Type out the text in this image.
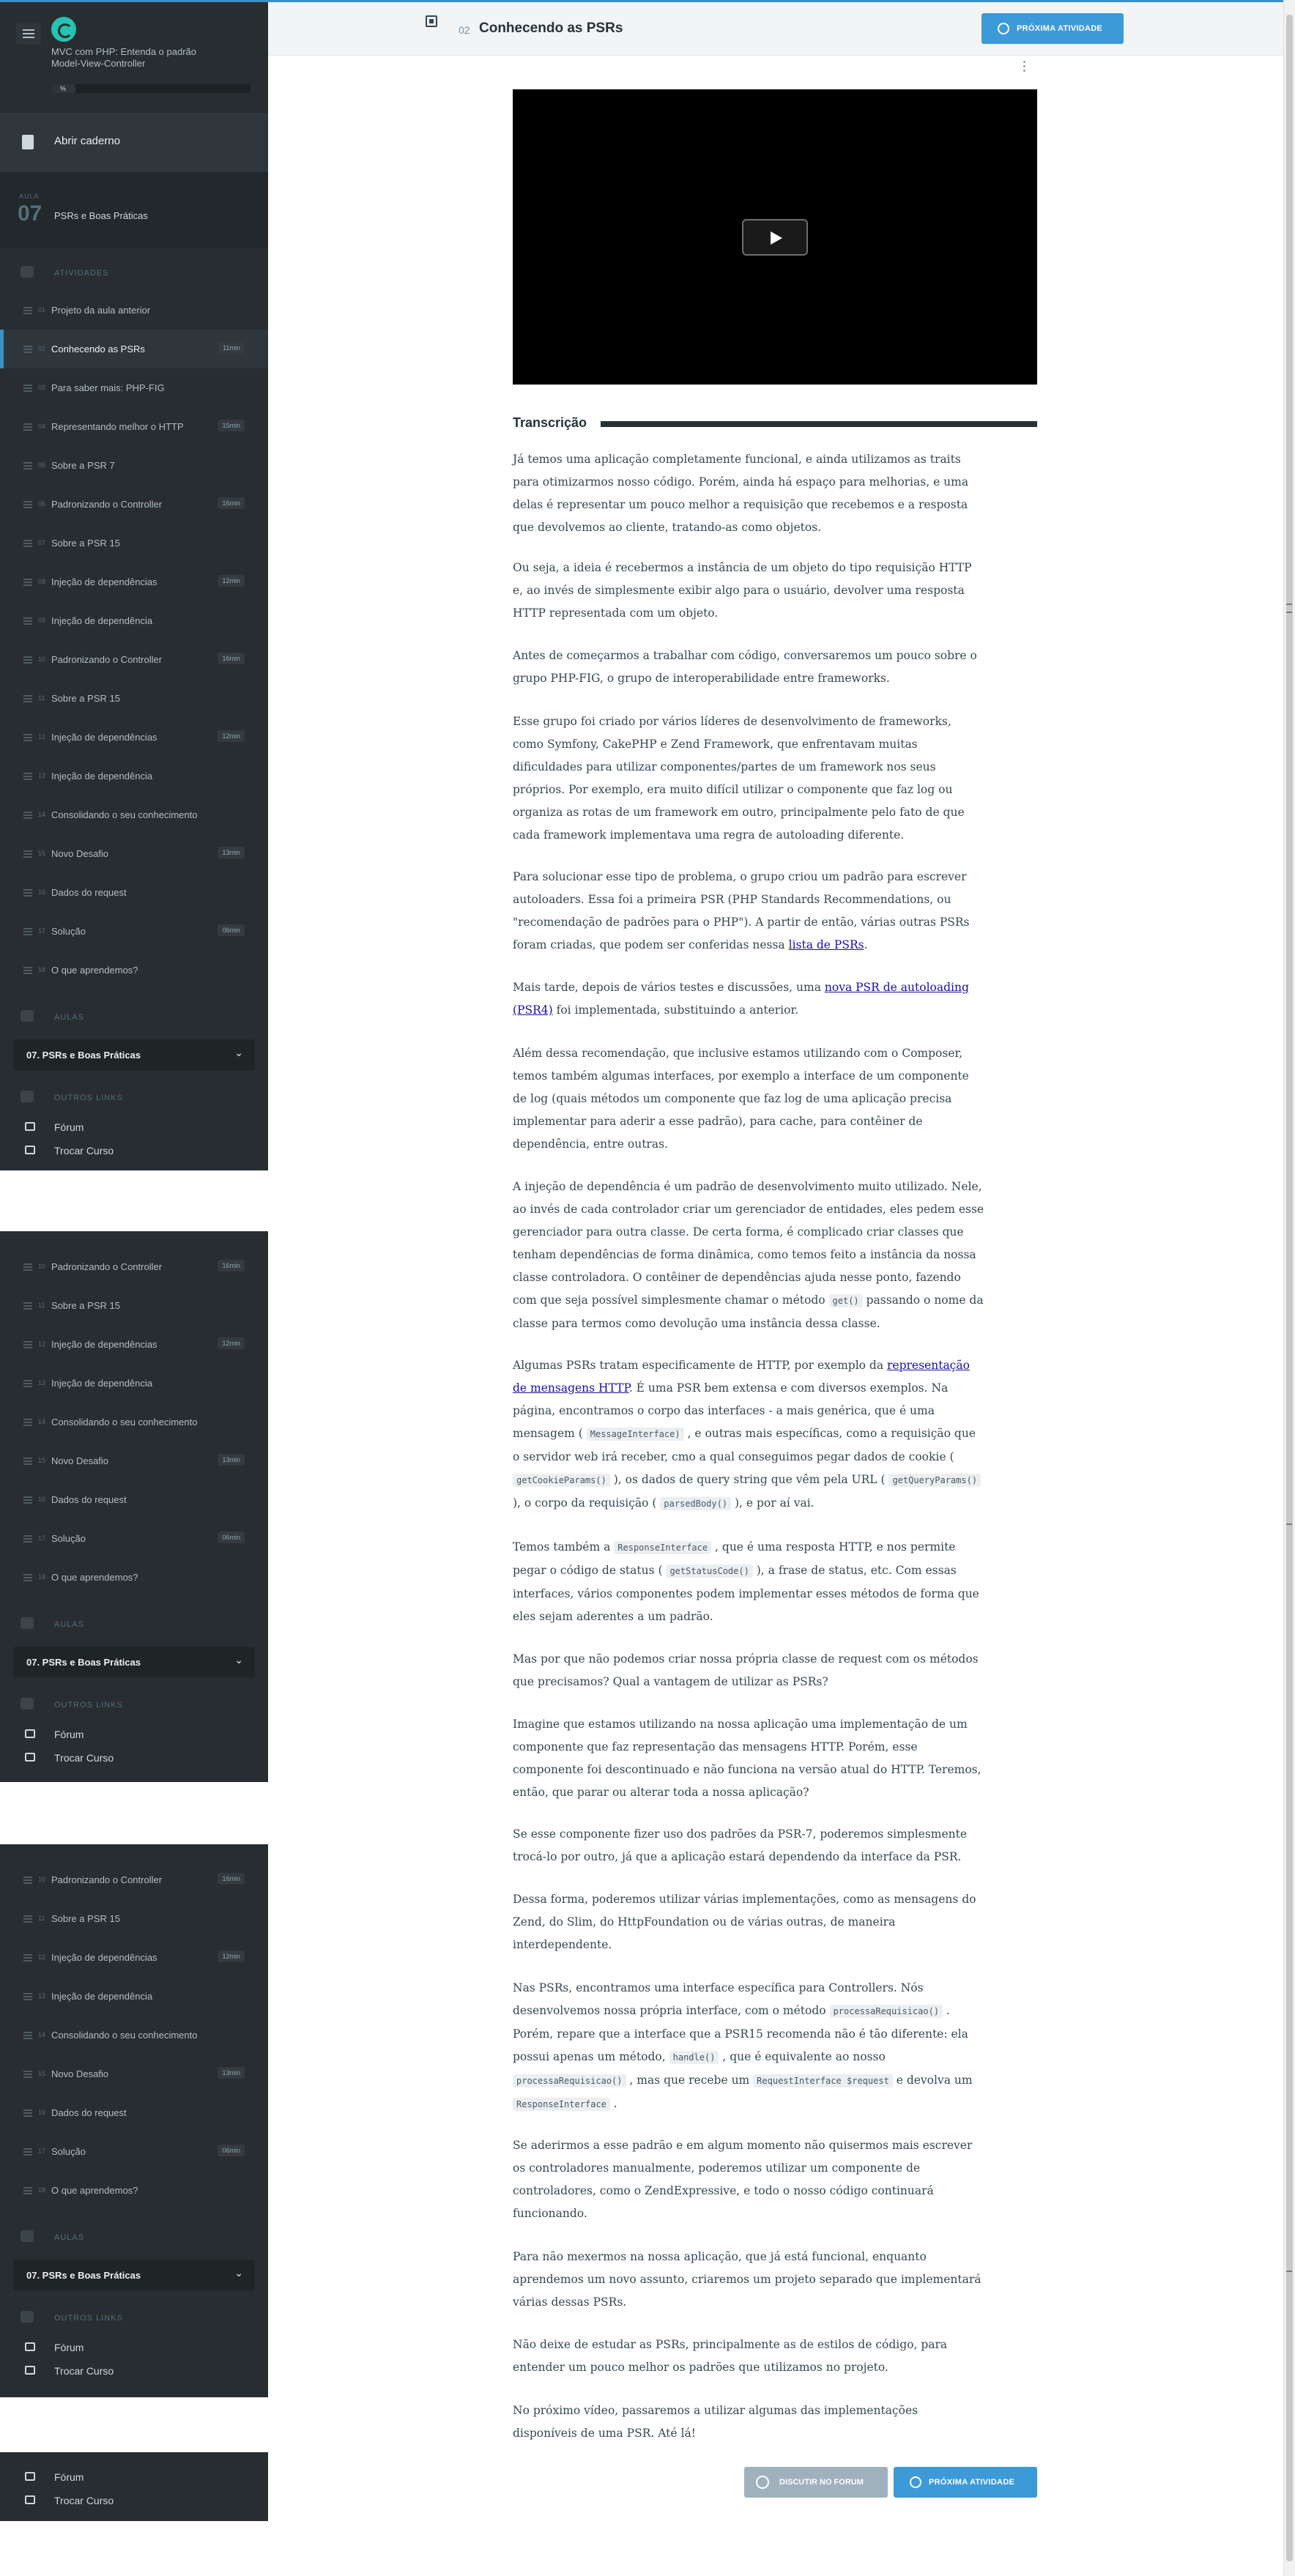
MVC com PHP: Entenda o padrão Model-View-Controller
%
Abrir caderno
AULA
07 PSRs e Boas Práticas
ATIVIDADES
01 Projeto da aula anterior
02 Conhecendo as PSRs	11min
03 Para saber mais: PHP-FIG
04 Representando melhor o HTTP	15min
05 Sobre a PSR 7
06 Padronizando o Controller	16min
07 Sobre a PSR 15
08 Injeção de dependências	12min
09 Injeção de dependência
10 Padronizando o Controller	16min
11 Sobre a PSR 15
12 Injeção de dependências	12min
13 Injeção de dependência
14 Consolidando o seu conhecimento
15 Novo Desafio	13min
16 Dados do request
17 Solução	06min
18 O que aprendemos?
AULAS
07. PSRs e Boas Práticas	⌄
OUTROS LINKS
Fórum
Trocar Curso
10 Padronizando o Controller	16min
11 Sobre a PSR 15
12 Injeção de dependências	12min
13 Injeção de dependência
14 Consolidando o seu conhecimento
15 Novo Desafio	13min
16 Dados do request
17 Solução	06min
18 O que aprendemos?
AULAS
07. PSRs e Boas Práticas	⌄
OUTROS LINKS
Fórum
Trocar Curso
10 Padronizando o Controller	16min
11 Sobre a PSR 15
12 Injeção de dependências	12min
13 Injeção de dependência
14 Consolidando o seu conhecimento
15 Novo Desafio	13min
16 Dados do request
17 Solução	06min
18 O que aprendemos?
AULAS
07. PSRs e Boas Práticas	⌄
OUTROS LINKS
Fórum
Trocar Curso
Fórum
Trocar Curso
02 Conhecendo as PSRs	PRÓXIMA ATIVIDADE
Transcrição

Já temos uma aplicação completamente funcional, e ainda utilizamos as traits para otimizarmos nosso código. Porém, ainda há espaço para melhorias, e uma delas é representar um pouco melhor a requisição que recebemos e a resposta que devolvemos ao cliente, tratando-as como objetos.

Ou seja, a ideia é recebermos a instância de um objeto do tipo requisição HTTP e, ao invés de simplesmente exibir algo para o usuário, devolver uma resposta HTTP representada com um objeto.

Antes de começarmos a trabalhar com código, conversaremos um pouco sobre o grupo PHP-FIG, o grupo de interoperabilidade entre frameworks.

Esse grupo foi criado por vários líderes de desenvolvimento de frameworks, como Symfony, CakePHP e Zend Framework, que enfrentavam muitas dificuldades para utilizar componentes/partes de um framework nos seus próprios. Por exemplo, era muito difícil utilizar o componente que faz log ou organiza as rotas de um framework em outro, principalmente pelo fato de que cada framework implementava uma regra de autoloading diferente.

Para solucionar esse tipo de problema, o grupo criou um padrão para escrever autoloaders. Essa foi a primeira PSR (PHP Standards Recommendations, ou "recomendação de padrões para o PHP"). A partir de então, várias outras PSRs foram criadas, que podem ser conferidas nessa lista de PSRs.

Mais tarde, depois de vários testes e discussões, uma nova PSR de autoloading (PSR4) foi implementada, substituindo a anterior.

Além dessa recomendação, que inclusive estamos utilizando com o Composer, temos também algumas interfaces, por exemplo a interface de um componente de log (quais métodos um componente que faz log de uma aplicação precisa implementar para aderir a esse padrão), para cache, para contêiner de dependência, entre outras.

A injeção de dependência é um padrão de desenvolvimento muito utilizado. Nele, ao invés de cada controlador criar um gerenciador de entidades, eles pedem esse gerenciador para outra classe. De certa forma, é complicado criar classes que tenham dependências de forma dinâmica, como temos feito a instância da nossa classe controladora. O contêiner de dependências ajuda nesse ponto, fazendo com que seja possível simplesmente chamar o método get() passando o nome da classe para termos como devolução uma instância dessa classe.

Algumas PSRs tratam especificamente de HTTP, por exemplo da representação de mensagens HTTP. É uma PSR bem extensa e com diversos exemplos. Na página, encontramos o corpo das interfaces - a mais genérica, que é uma mensagem ( MessageInterface) , e outras mais específicas, como a requisição que o servidor web irá receber, cmo a qual conseguimos pegar dados de cookie ( getCookieParams() ), os dados de query string que vêm pela URL ( getQueryParams() ), o corpo da requisição ( parsedBody() ), e por aí vai.

Temos também a ResponseInterface , que é uma resposta HTTP, e nos permite pegar o código de status ( getStatusCode() ), a frase de status, etc. Com essas interfaces, vários componentes podem implementar esses métodos de forma que eles sejam aderentes a um padrão.

Mas por que não podemos criar nossa própria classe de request com os métodos que precisamos? Qual a vantagem de utilizar as PSRs?

Imagine que estamos utilizando na nossa aplicação uma implementação de um componente que faz representação das mensagens HTTP. Porém, esse componente foi descontinuado e não funciona na versão atual do HTTP. Teremos, então, que parar ou alterar toda a nossa aplicação?

Se esse componente fizer uso dos padrões da PSR-7, poderemos simplesmente trocá-lo por outro, já que a aplicação estará dependendo da interface da PSR.

Dessa forma, poderemos utilizar várias implementações, como as mensagens do Zend, do Slim, do HttpFoundation ou de várias outras, de maneira interdependente.

Nas PSRs, encontramos uma interface específica para Controllers. Nós desenvolvemos nossa própria interface, com o método processaRequisicao() . Porém, repare que a interface que a PSR15 recomenda não é tão diferente: ela possui apenas um método, handle() , que é equivalente ao nosso processaRequisicao() , mas que recebe um RequestInterface $request e devolva um ResponseInterface .

Se aderirmos a esse padrão e em algum momento não quisermos mais escrever os controladores manualmente, poderemos utilizar um componente de controladores, como o ZendExpressive, e todo o nosso código continuará funcionando.

Para não mexermos na nossa aplicação, que já está funcional, enquanto aprendemos um novo assunto, criaremos um projeto separado que implementará várias dessas PSRs.

Não deixe de estudar as PSRs, principalmente as de estilos de código, para entender um pouco melhor os padrões que utilizamos no projeto.

No próximo vídeo, passaremos a utilizar algumas das implementações disponíveis de uma PSR. Até lá!

DISCUTIR NO FORUM	PRÓXIMA ATIVIDADE
